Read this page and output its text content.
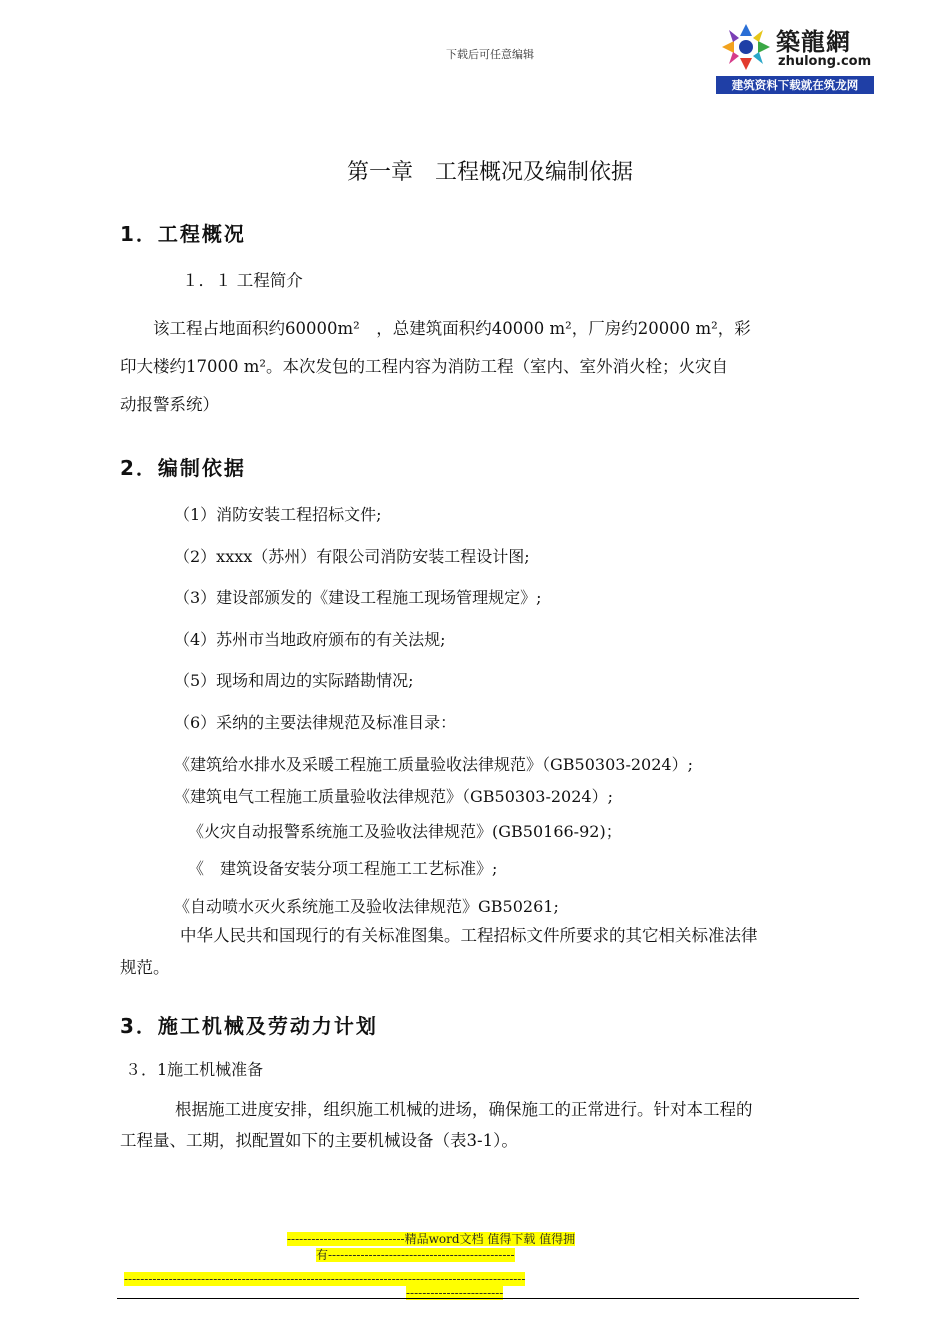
下载后可任意编辑	築龍網
zhulong.com
建筑资料下载就在筑龙网
第一章　工程概况及编制依据
1．工程概况
１．１ 工程简介
该工程占地面积约60000m²　，总建筑面积约40000 m²，厂房约20000 m²，彩
印大楼约17000 m²。本次发包的工程内容为消防工程（室内、室外消火栓；火灾自
动报警系统）
2．编制依据
（1）消防安装工程招标文件;
（2）xxxx（苏州）有限公司消防安装工程设计图;
（3）建设部颁发的《建设工程施工现场管理规定》;
（4）苏州市当地政府颁布的有关法规;
（5）现场和周边的实际踏勘情况;
（6）采纳的主要法律规范及标准目录：
《建筑给水排水及采暖工程施工质量验收法律规范》（GB50303-2024）;
《建筑电气工程施工质量验收法律规范》（GB50303-2024）;
《火灾自动报警系统施工及验收法律规范》(GB50166-92)；
《　建筑设备安装分项工程施工工艺标准》;
《自动喷水灭火系统施工及验收法律规范》GB50261;
中华人民共和国现行的有关标准图集。工程招标文件所要求的其它相关标准法律
规范。
3．施工机械及劳动力计划
３．1施工机械准备
根据施工进度安排，组织施工机械的进场，确保施工的正常进行。针对本工程的
工程量、工期，拟配置如下的主要机械设备（表3-1）。
-----------------------------精品word文档 值得下载 值得拥
有----------------------------------------------
---------------------------------------------------------------------------------------------------
------------------------
